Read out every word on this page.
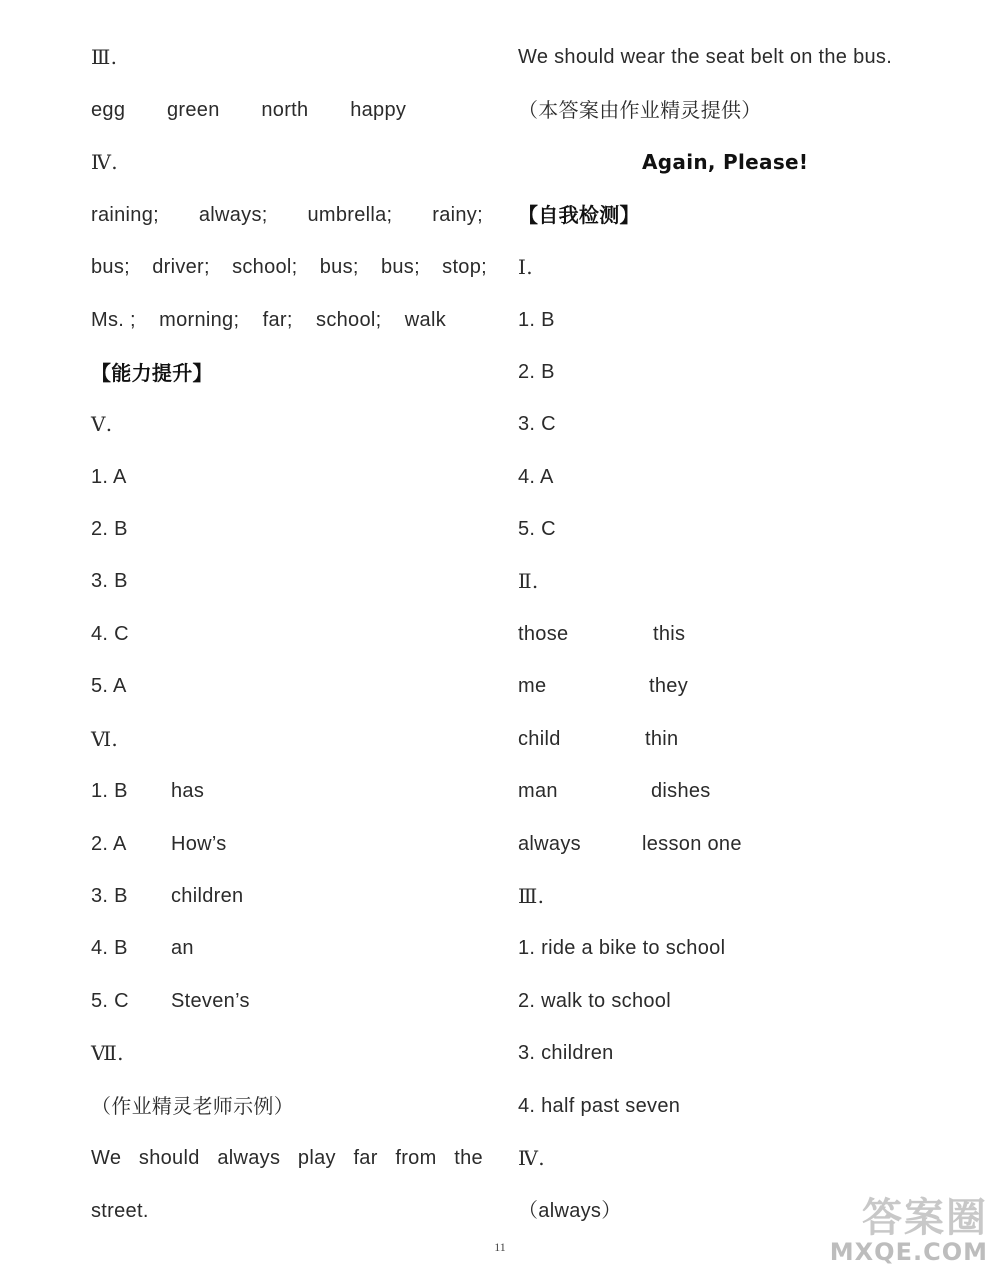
Ⅲ.
egg green north happy
Ⅳ.
raining; always; umbrella; rainy;
bus; driver; school; bus; bus; stop;
Ms. ; morning; far; school; walk
【能力提升】
Ⅴ.
1. A
2. B
3. B
4. C
5. A
Ⅵ.
1. B has
2. A How’s
3. B children
4. B an
5. C Steven’s
Ⅶ.
（作业精灵老师示例）
We should always play far from the
street.
We should wear the seat belt on the bus.
（本答案由作业精灵提供）
Again, Please!
【自我检测】
Ⅰ.
1. B
2. B
3. C
4. A
5. C
Ⅱ.
those	this
me	they
child	thin
man	dishes
always	lesson one
Ⅲ.
1. ride a bike to school
2. walk to school
3. children
4. half past seven
Ⅳ.
（always）
11
答案圈
MXQE.COM
